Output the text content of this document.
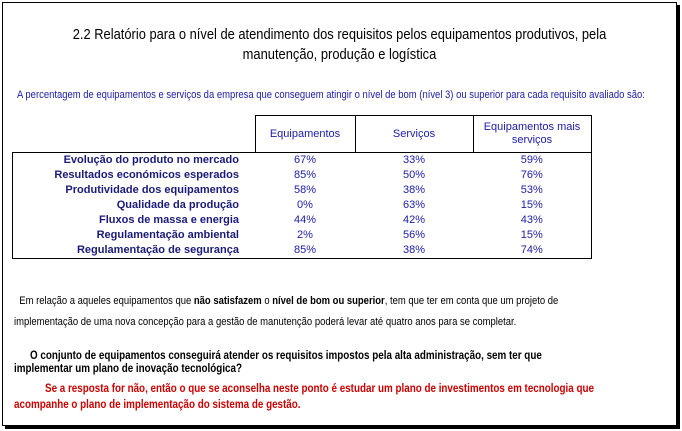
2.2 Relatório para o nível de atendimento dos requisitos pelos equipamentos produtivos, pela
manutenção, produção e logística
A percentagem de equipamentos e serviços da empresa que conseguem atingir o nível de bom (nível 3) ou superior para cada requisito avaliado são:
	Equipamentos	Serviços	Equipamentos mais serviços
Evolução do produto no mercado	67%	33%	59%
Resultados económicos esperados	85%	50%	76%
Produtividade dos equipamentos	58%	38%	53%
Qualidade da produção	0%	63%	15%
Fluxos de massa e energia	44%	42%	43%
Regulamentação ambiental	2%	56%	15%
Regulamentação de segurança	85%	38%	74%
Em relação a aqueles equipamentos que não satisfazem o nível de bom ou superior, tem que ter em conta que um projeto de
implementação de uma nova concepção para a gestão de manutenção poderá levar até quatro anos para se completar.
O conjunto de equipamentos conseguirá atender os requisitos impostos pela alta administração, sem ter que
implementar um plano de inovação tecnológica?
Se a resposta for não, então o que se aconselha neste ponto é estudar um plano de investimentos em tecnologia que
acompanhe o plano de implementação do sistema de gestão.
